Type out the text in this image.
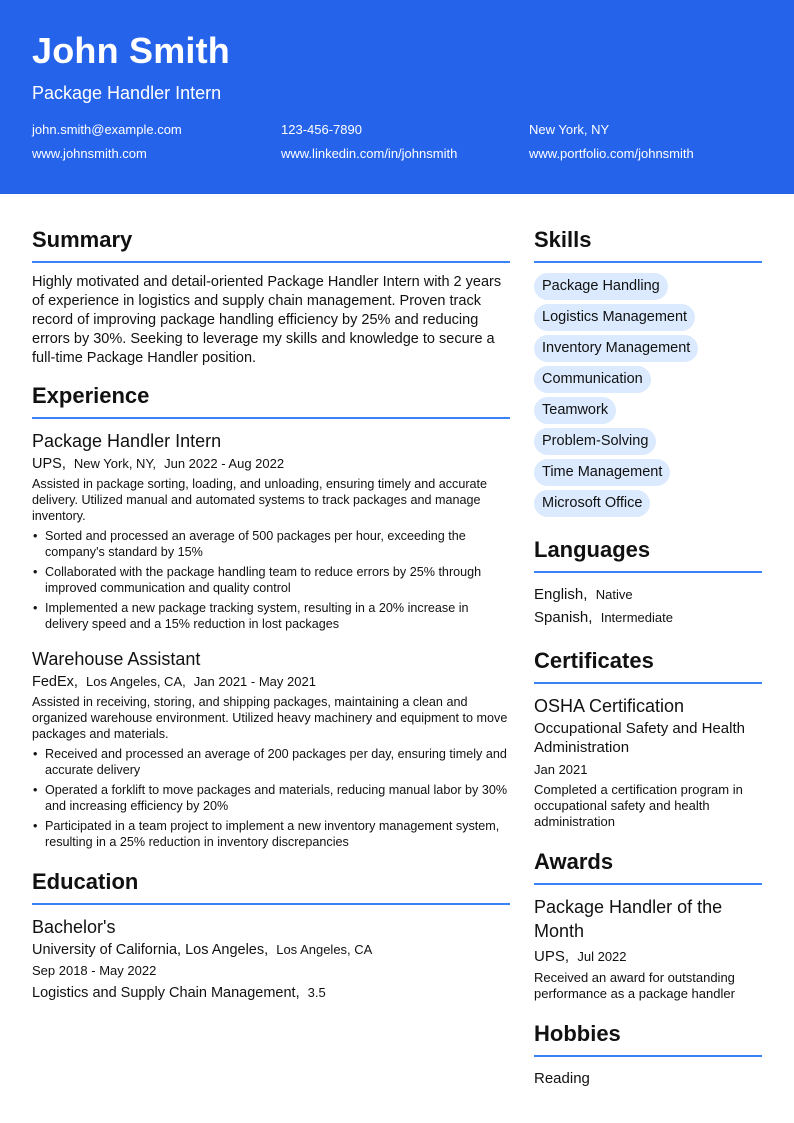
John Smith
Package Handler Intern
john.smith@example.com	123-456-7890	New York, NY
www.johnsmith.com	www.linkedin.com/in/johnsmith	www.portfolio.com/johnsmith
Summary
Highly motivated and detail-oriented Package Handler Intern with 2 years of experience in logistics and supply chain management. Proven track record of improving package handling efficiency by 25% and reducing errors by 30%. Seeking to leverage my skills and knowledge to secure a full-time Package Handler position.
Experience
Package Handler Intern
UPS, New York, NY, Jun 2022 - Aug 2022
Assisted in package sorting, loading, and unloading, ensuring timely and accurate delivery. Utilized manual and automated systems to track packages and manage inventory.
• Sorted and processed an average of 500 packages per hour, exceeding the company's standard by 15%
• Collaborated with the package handling team to reduce errors by 25% through improved communication and quality control
• Implemented a new package tracking system, resulting in a 20% increase in delivery speed and a 15% reduction in lost packages
Warehouse Assistant
FedEx, Los Angeles, CA, Jan 2021 - May 2021
Assisted in receiving, storing, and shipping packages, maintaining a clean and organized warehouse environment. Utilized heavy machinery and equipment to move packages and materials.
• Received and processed an average of 200 packages per day, ensuring timely and accurate delivery
• Operated a forklift to move packages and materials, reducing manual labor by 30% and increasing efficiency by 20%
• Participated in a team project to implement a new inventory management system, resulting in a 25% reduction in inventory discrepancies
Education
Bachelor's
University of California, Los Angeles, Los Angeles, CA
Sep 2018 - May 2022
Logistics and Supply Chain Management, 3.5
Skills
Package Handling
Logistics Management
Inventory Management
Communication
Teamwork
Problem-Solving
Time Management
Microsoft Office
Languages
English, Native
Spanish, Intermediate
Certificates
OSHA Certification
Occupational Safety and Health Administration
Jan 2021
Completed a certification program in occupational safety and health administration
Awards
Package Handler of the Month
UPS, Jul 2022
Received an award for outstanding performance as a package handler
Hobbies
Reading
